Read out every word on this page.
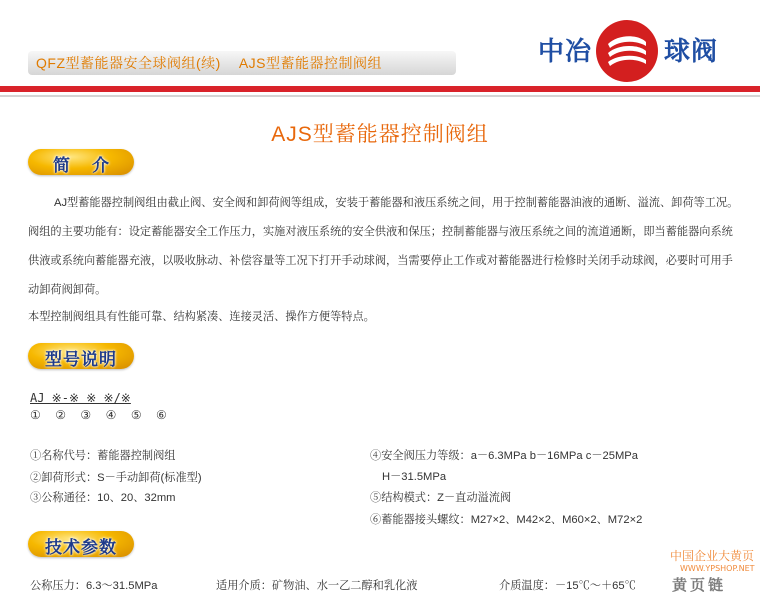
QFZ型蓄能器安全球阀组(续) AJS型蓄能器控制阀组	中冶	球阀
AJS型蓄能器控制阀组
简介
AJ型蓄能器控制阀组由截止阀、安全阀和卸荷阀等组成，安装于蓄能器和液压系统之间，用于控制蓄能器油液的通断、溢流、卸荷等工况。阀组的主要功能有：设定蓄能器安全工作压力，实施对液压系统的安全供液和保压；控制蓄能器与液压系统之间的流道通断，即当蓄能器向系统供液或系统向蓄能器充液，以吸收脉动、补偿容量等工况下打开手动球阀，当需要停止工作或对蓄能器进行检修时关闭手动球阀，必要时可用手动卸荷阀卸荷。
本型控制阀组具有性能可靠、结构紧凑、连接灵活、操作方便等特点。
型号说明
AJ ※-※ ※ ※/※
①  ②  ③  ④  ⑤  ⑥
①名称代号：蓄能器控制阀组
②卸荷形式：S－手动卸荷(标准型)
③公称通径：10、20、32mm
④安全阀压力等级：a－6.3MPa b－16MPa c－25MPa
H－31.5MPa
⑤结构模式：Z－直动溢流阀
⑥蓄能器接头螺纹：M27×2、M42×2、M60×2、M72×2
技术参数
公称压力：6.3～31.5MPa	适用介质：矿物油、水一乙二醇和乳化液	介质温度：－15℃～＋65℃
中国企业大黄页
WWW.YPSHOP.NET
黄页链
